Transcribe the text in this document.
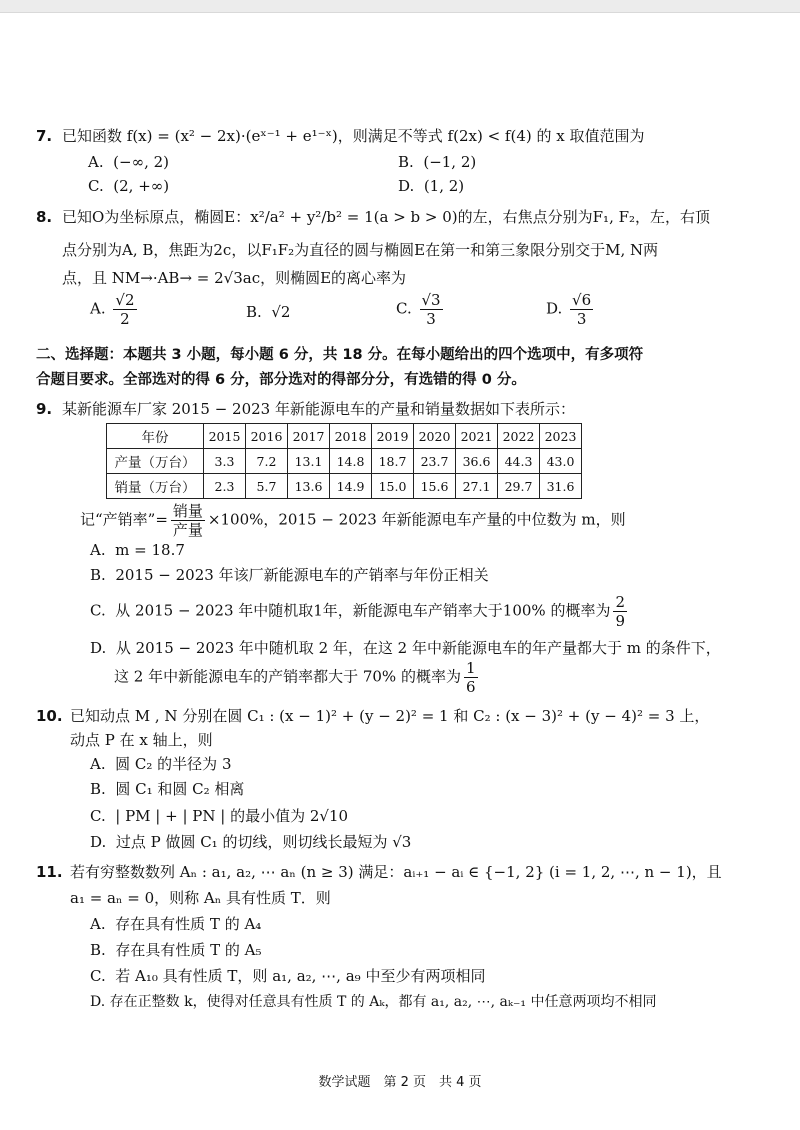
7. 已知函数 f(x) = (x² − 2x)·(eˣ⁻¹ + e¹⁻ˣ)，则满足不等式 f(2x) < f(4) 的 x 取值范围为
A. (−∞, 2)	B. (−1, 2)
C. (2, +∞)	D. (1, 2)
8. 已知O为坐标原点，椭圆E：x²/a² + y²/b² = 1(a > b > 0)的左，右焦点分别为F₁, F₂，左，右顶
点分别为A, B，焦距为2c，以F₁F₂为直径的圆与椭圆E在第一和第三象限分别交于M, N两
点，且 NM→·AB→ = 2√3ac，则椭圆E的离心率为
A. $\frac{√2}{2}$	B. √2	C. $\frac{√3}{3}$	D. $\frac{√6}{3}$
二、选择题：本题共 3 小题，每小题 6 分，共 18 分。在每小题给出的四个选项中，有多项符
合题目要求。全部选对的得 6 分，部分选对的得部分分，有选错的得 0 分。
9. 某新能源车厂家 2015 − 2023 年新能源电车的产量和销量数据如下表所示：
年份	2015	2016	2017	2018	2019	2020	2021	2022	2023
产量（万台）	3.3	7.2	13.1	14.8	18.7	23.7	36.6	44.3	43.0
销量（万台）	2.3	5.7	13.6	14.9	15.0	15.6	27.1	29.7	31.6
记“产销率”= $\frac{\text{销量}}{\text{产量}} \times 100\%$，2015 − 2023 年新能源电车产量的中位数为 m，则
A. m = 18.7
B. 2015 − 2023 年该厂新能源电车的产销率与年份正相关
C. 从 2015 − 2023 年中随机取1年，新能源电车产销率大于100% 的概率为 $\frac{2}{9}$
D. 从 2015 − 2023 年中随机取 2 年，在这 2 年中新能源电车的年产量都大于 m 的条件下，
这 2 年中新能源电车的产销率都大于 70% 的概率为 $\frac{1}{6}$
10. 已知动点 M , N 分别在圆 C₁ : (x − 1)² + (y − 2)² = 1 和 C₂ : (x − 3)² + (y − 4)² = 3 上，
动点 P 在 x 轴上，则
A. 圆 C₂ 的半径为 3
B. 圆 C₁ 和圆 C₂ 相离
C. | PM | + | PN | 的最小值为 2√10
D. 过点 P 做圆 C₁ 的切线，则切线长最短为 √3
11. 若有穷整数数列 Aₙ : a₁, a₂, ⋯ aₙ (n ≥ 3) 满足：aᵢ₊₁ − aᵢ ∈ {−1, 2} (i = 1, 2, ⋯, n − 1)，且
a₁ = aₙ = 0，则称 Aₙ 具有性质 T．则
A. 存在具有性质 T 的 A₄
B. 存在具有性质 T 的 A₅
C. 若 A₁₀ 具有性质 T，则 a₁, a₂, ⋯, a₉ 中至少有两项相同
D. 存在正整数 k，使得对任意具有性质 T 的 Aₖ，都有 a₁, a₂, ⋯, aₖ₋₁ 中任意两项均不相同
数学试题　第 2 页　共 4 页
